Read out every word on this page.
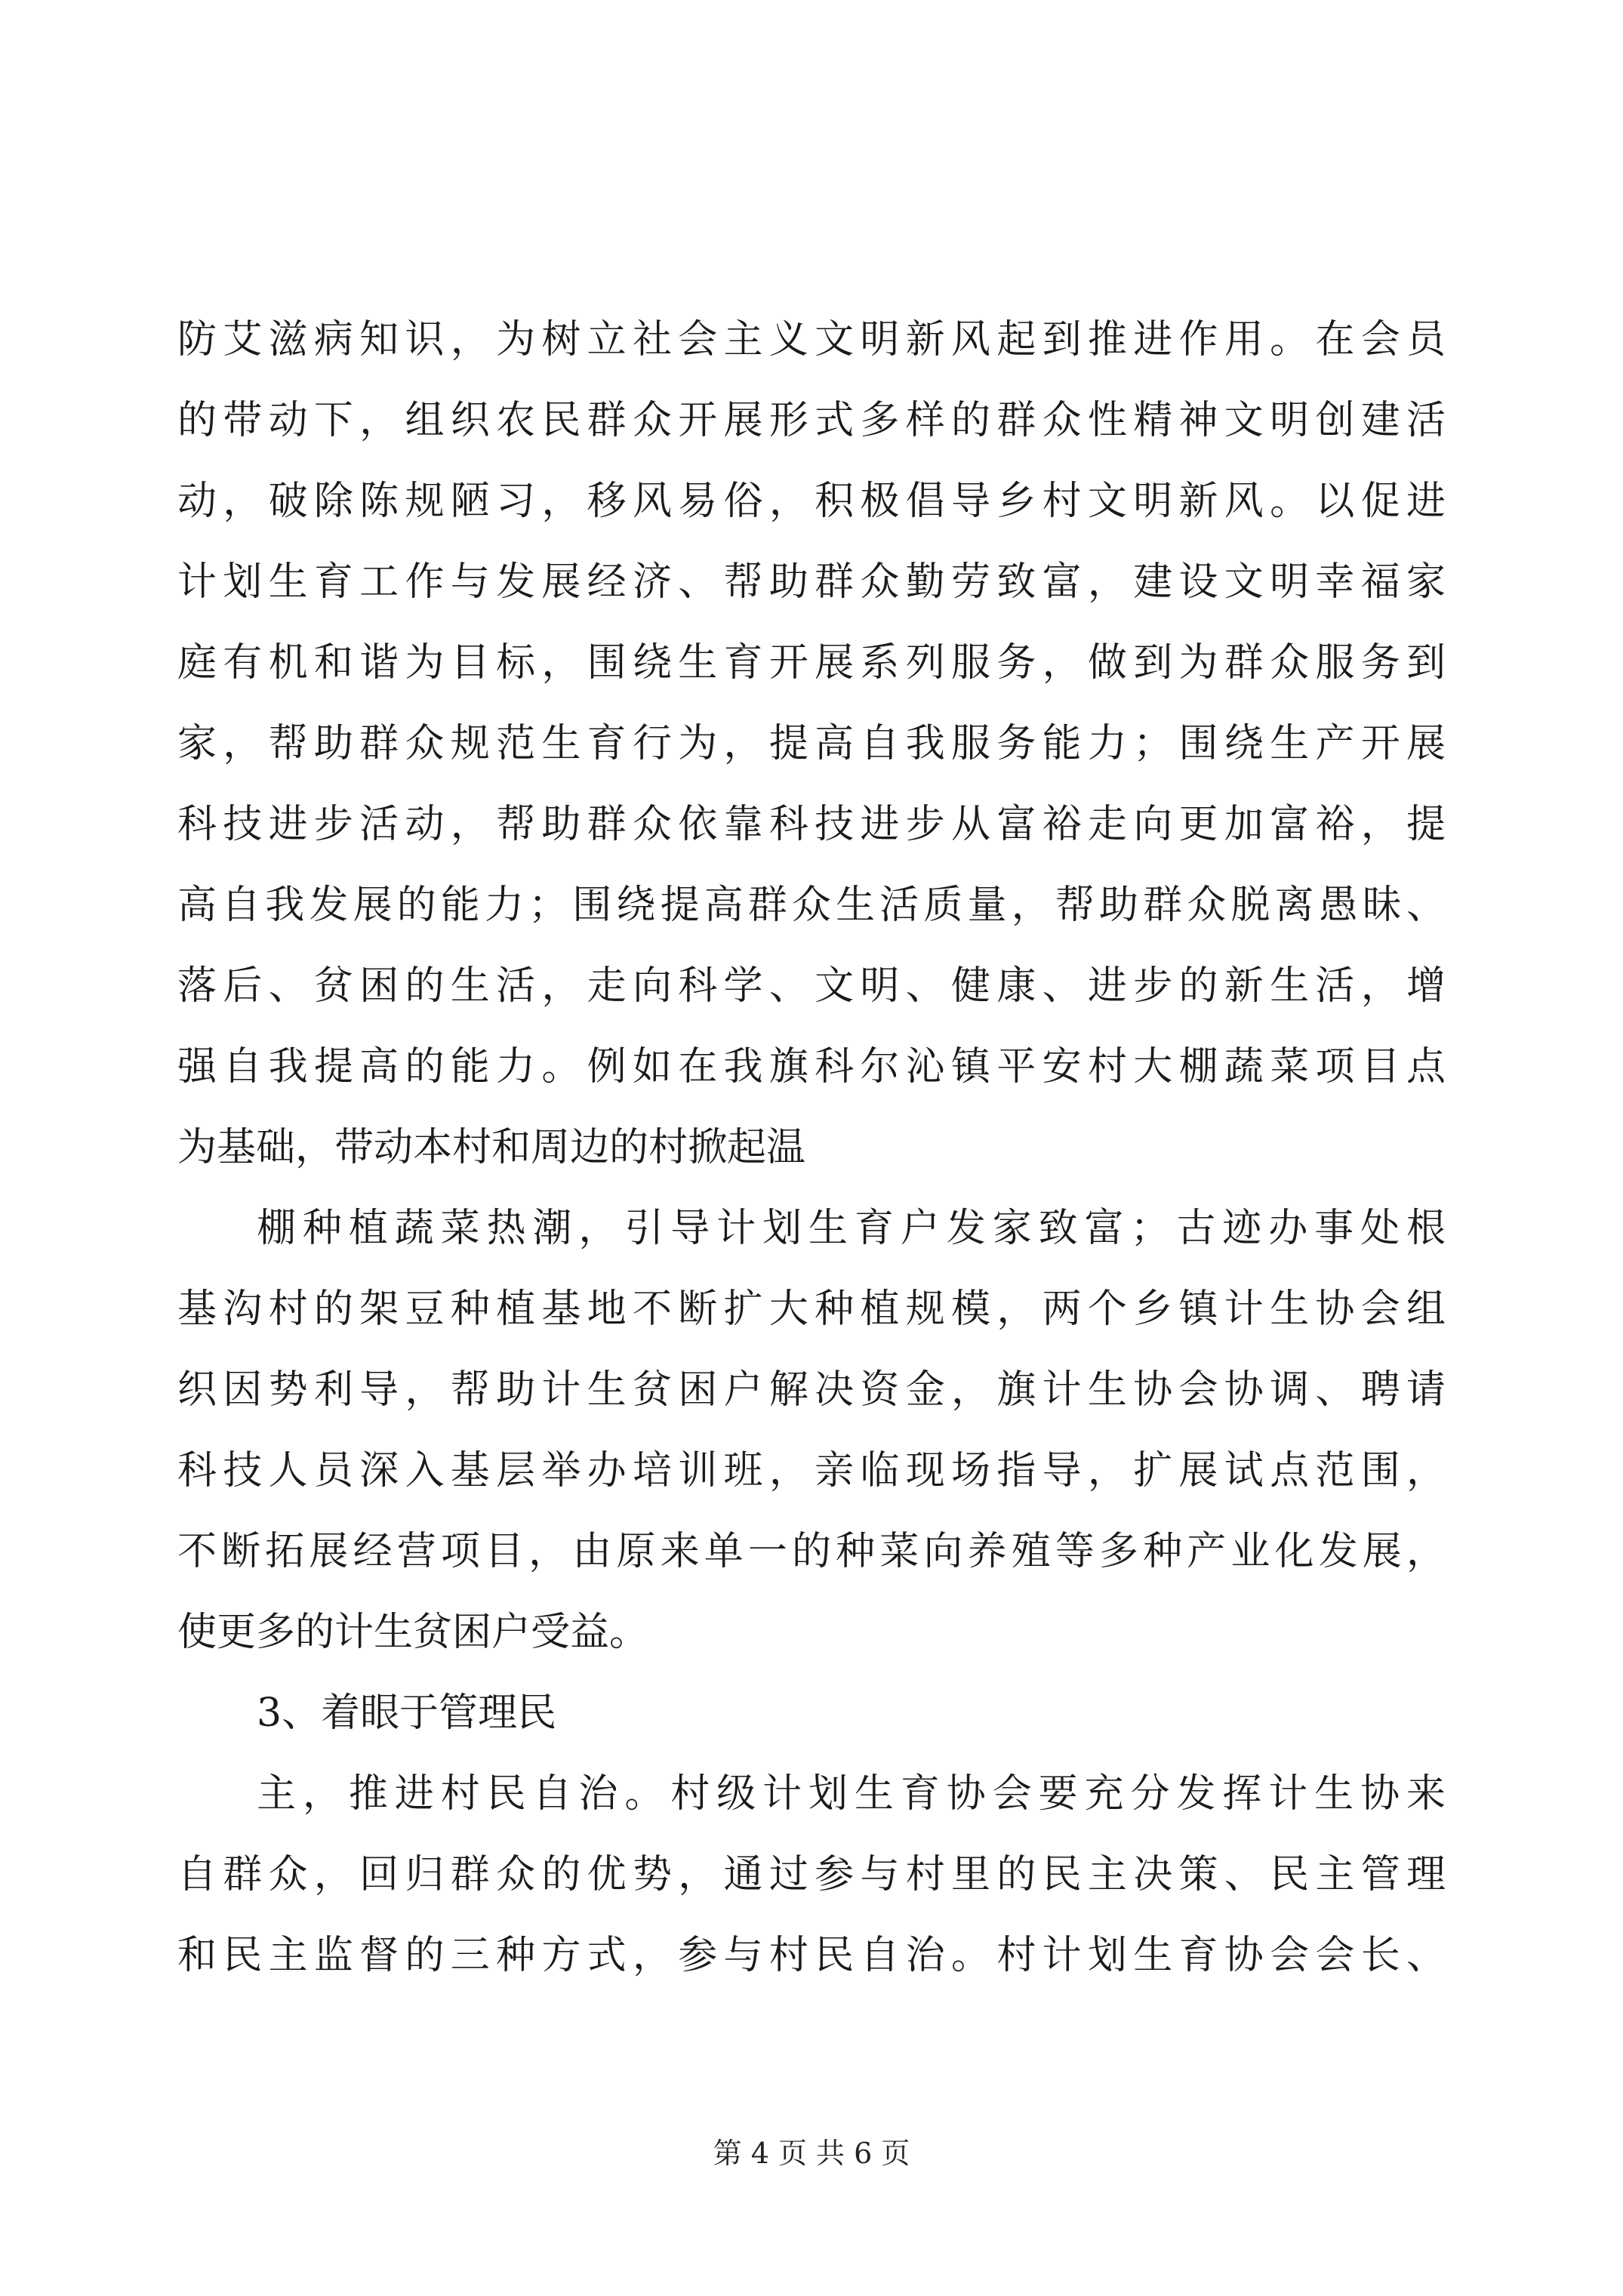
防艾滋病知识，为树立社会主义文明新风起到推进作用。在会员
的带动下，组织农民群众开展形式多样的群众性精神文明创建活
动，破除陈规陋习，移风易俗，积极倡导乡村文明新风。以促进
计划生育工作与发展经济、帮助群众勤劳致富，建设文明幸福家
庭有机和谐为目标，围绕生育开展系列服务，做到为群众服务到
家，帮助群众规范生育行为，提高自我服务能力；围绕生产开展
科技进步活动，帮助群众依靠科技进步从富裕走向更加富裕，提
高自我发展的能力；围绕提高群众生活质量，帮助群众脱离愚昧、
落后、贫困的生活，走向科学、文明、健康、进步的新生活，增
强自我提高的能力。例如在我旗科尔沁镇平安村大棚蔬菜项目点
为基础，带动本村和周边的村掀起温
棚种植蔬菜热潮，引导计划生育户发家致富；古迹办事处根
基沟村的架豆种植基地不断扩大种植规模，两个乡镇计生协会组
织因势利导，帮助计生贫困户解决资金，旗计生协会协调、聘请
科技人员深入基层举办培训班，亲临现场指导，扩展试点范围，
不断拓展经营项目，由原来单一的种菜向养殖等多种产业化发展，
使更多的计生贫困户受益。
3、着眼于管理民
主，推进村民自治。村级计划生育协会要充分发挥计生协来
自群众，回归群众的优势，通过参与村里的民主决策、民主管理
和民主监督的三种方式，参与村民自治。村计划生育协会会长、
第 4 页 共 6 页
